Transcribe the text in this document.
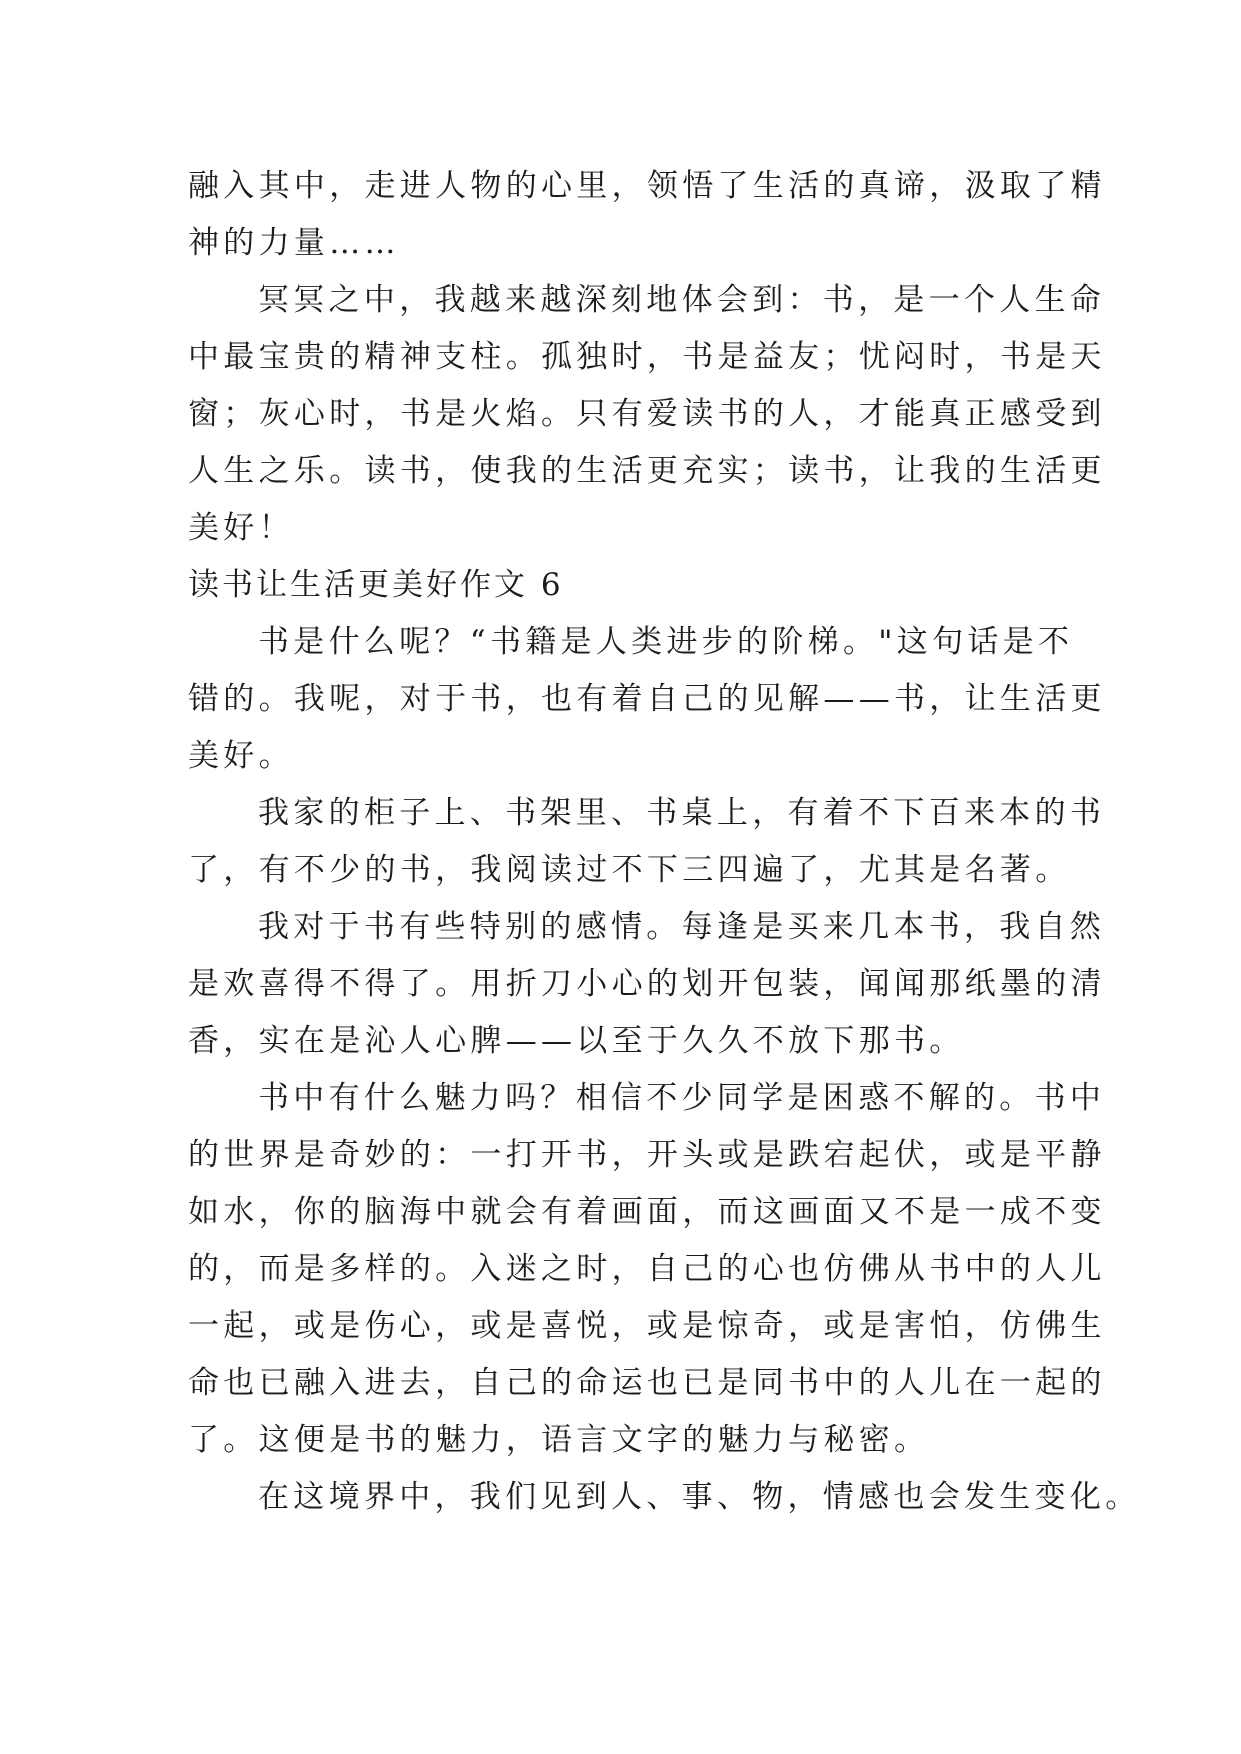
融入其中，走进人物的心里，领悟了生活的真谛，汲取了精
神的力量……
冥冥之中，我越来越深刻地体会到：书，是一个人生命
中最宝贵的精神支柱。孤独时，书是益友；忧闷时，书是天
窗；灰心时，书是火焰。只有爱读书的人，才能真正感受到
人生之乐。读书，使我的生活更充实；读书，让我的生活更
美好！
读书让生活更美好作文 6
书是什么呢？“书籍是人类进步的阶梯。"这句话是不
错的。我呢，对于书，也有着自己的见解——书，让生活更
美好。
我家的柜子上、书架里、书桌上，有着不下百来本的书
了，有不少的书，我阅读过不下三四遍了，尤其是名著。
我对于书有些特别的感情。每逢是买来几本书，我自然
是欢喜得不得了。用折刀小心的划开包装，闻闻那纸墨的清
香，实在是沁人心脾——以至于久久不放下那书。
书中有什么魅力吗？相信不少同学是困惑不解的。书中
的世界是奇妙的：一打开书，开头或是跌宕起伏，或是平静
如水，你的脑海中就会有着画面，而这画面又不是一成不变
的，而是多样的。入迷之时，自己的心也仿佛从书中的人儿
一起，或是伤心，或是喜悦，或是惊奇，或是害怕，仿佛生
命也已融入进去，自己的命运也已是同书中的人儿在一起的
了。这便是书的魅力，语言文字的魅力与秘密。
在这境界中，我们见到人、事、物，情感也会发生变化。
